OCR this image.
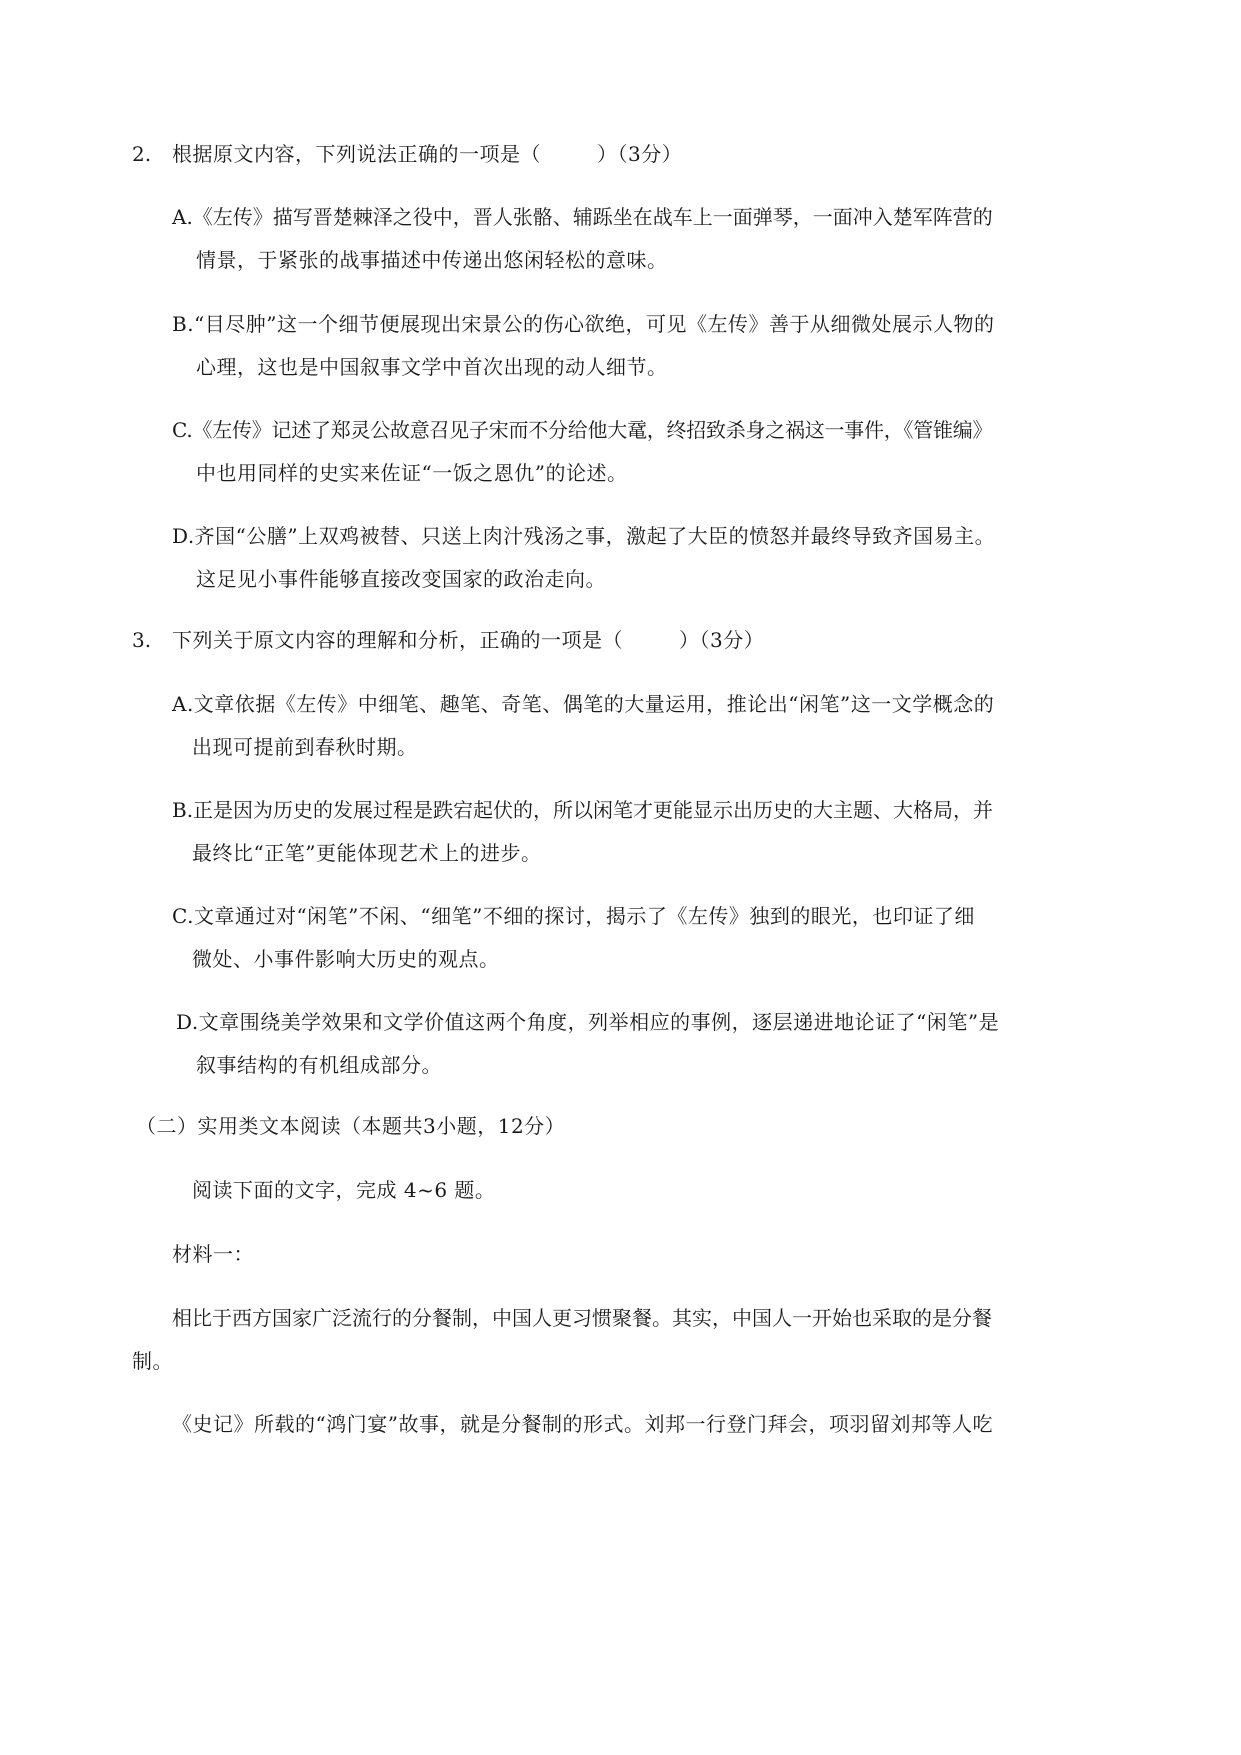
2. 根据原文内容，下列说法正确的一项是（	）（3分）
A.《左传》描写晋楚棘泽之役中，晋人张骼、辅跞坐在战车上一面弹琴，一面冲入楚军阵营的
情景，于紧张的战事描述中传递出悠闲轻松的意味。
B.“目尽肿”这一个细节便展现出宋景公的伤心欲绝，可见《左传》善于从细微处展示人物的
心理，这也是中国叙事文学中首次出现的动人细节。
C.《左传》记述了郑灵公故意召见子宋而不分给他大鼋，终招致杀身之祸这一事件，《管锥编》
中也用同样的史实来佐证“一饭之恩仇”的论述。
D.齐国“公膳”上双鸡被替、只送上肉汁残汤之事，激起了大臣的愤怒并最终导致齐国易主。
这足见小事件能够直接改变国家的政治走向。
3. 下列关于原文内容的理解和分析，正确的一项是（	）（3分）
A.文章依据《左传》中细笔、趣笔、奇笔、偶笔的大量运用，推论出“闲笔”这一文学概念的
出现可提前到春秋时期。
B.正是因为历史的发展过程是跌宕起伏的，所以闲笔才更能显示出历史的大主题、大格局，并
最终比“正笔”更能体现艺术上的进步。
C.文章通过对“闲笔”不闲、“细笔”不细的探讨，揭示了《左传》独到的眼光，也印证了细
微处、小事件影响大历史的观点。
D.文章围绕美学效果和文学价值这两个角度，列举相应的事例，逐层递进地论证了“闲笔”是
叙事结构的有机组成部分。
（二）实用类文本阅读（本题共3小题，12分）
阅读下面的文字，完成 4~6 题。
材料一：
相比于西方国家广泛流行的分餐制，中国人更习惯聚餐。其实，中国人一开始也采取的是分餐
制。
《史记》所载的“鸿门宴”故事，就是分餐制的形式。刘邦一行登门拜会，项羽留刘邦等人吃
